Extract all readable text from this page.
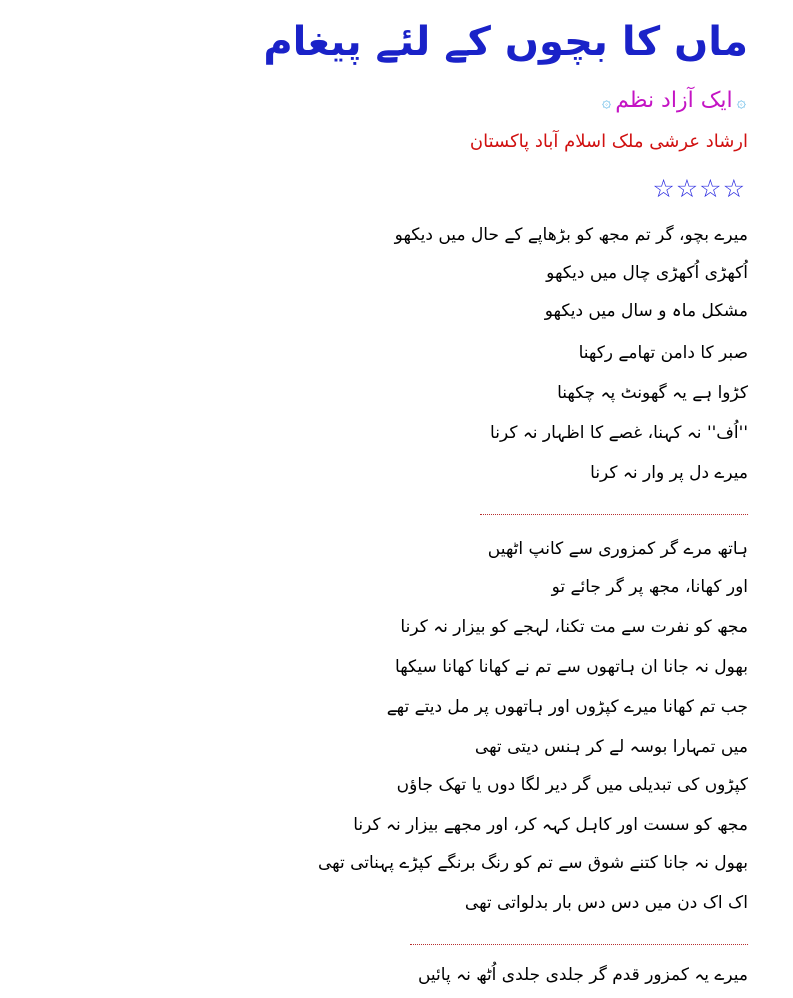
ماں کا بچوں کے لئے پیغام
۞
ایک آزاد نظم
۞
ارشاد عرشی ملک اسلام آباد پاکستان
☆☆☆☆
میرے بچو، گر تم مجھ کو بڑھاپے کے حال میں دیکھو
اُکھڑی اُکھڑی چال میں دیکھو
مشکل ماہ و سال میں دیکھو
صبر کا دامن تھامے رکھنا
کڑوا ہے یہ گھونٹ پہ چکھنا
''اُف'' نہ کہنا، غصے کا اظہار نہ کرنا
میرے دل پر وار نہ کرنا
ہاتھ مرے گر کمزوری سے کانپ اٹھیں
اور کھانا، مجھ پر گر جائے تو
مجھ کو نفرت سے مت تکنا، لہجے کو بیزار نہ کرنا
بھول نہ جانا ان ہاتھوں سے تم نے کھانا کھانا سیکھا
جب تم کھانا میرے کپڑوں اور ہاتھوں پر مل دیتے تھے
میں تمہارا بوسہ لے کر ہنس دیتی تھی
کپڑوں کی تبدیلی میں گر دیر لگا دوں یا تھک جاؤں
مجھ کو سست اور کاہل کہہ کر، اور مجھے بیزار نہ کرنا
بھول نہ جانا کتنے شوق سے تم کو رنگ برنگے کپڑے پہناتی تھی
اک اک دن میں دس دس بار بدلواتی تھی
میرے یہ کمزور قدم گر جلدی جلدی اُٹھ نہ پائیں
